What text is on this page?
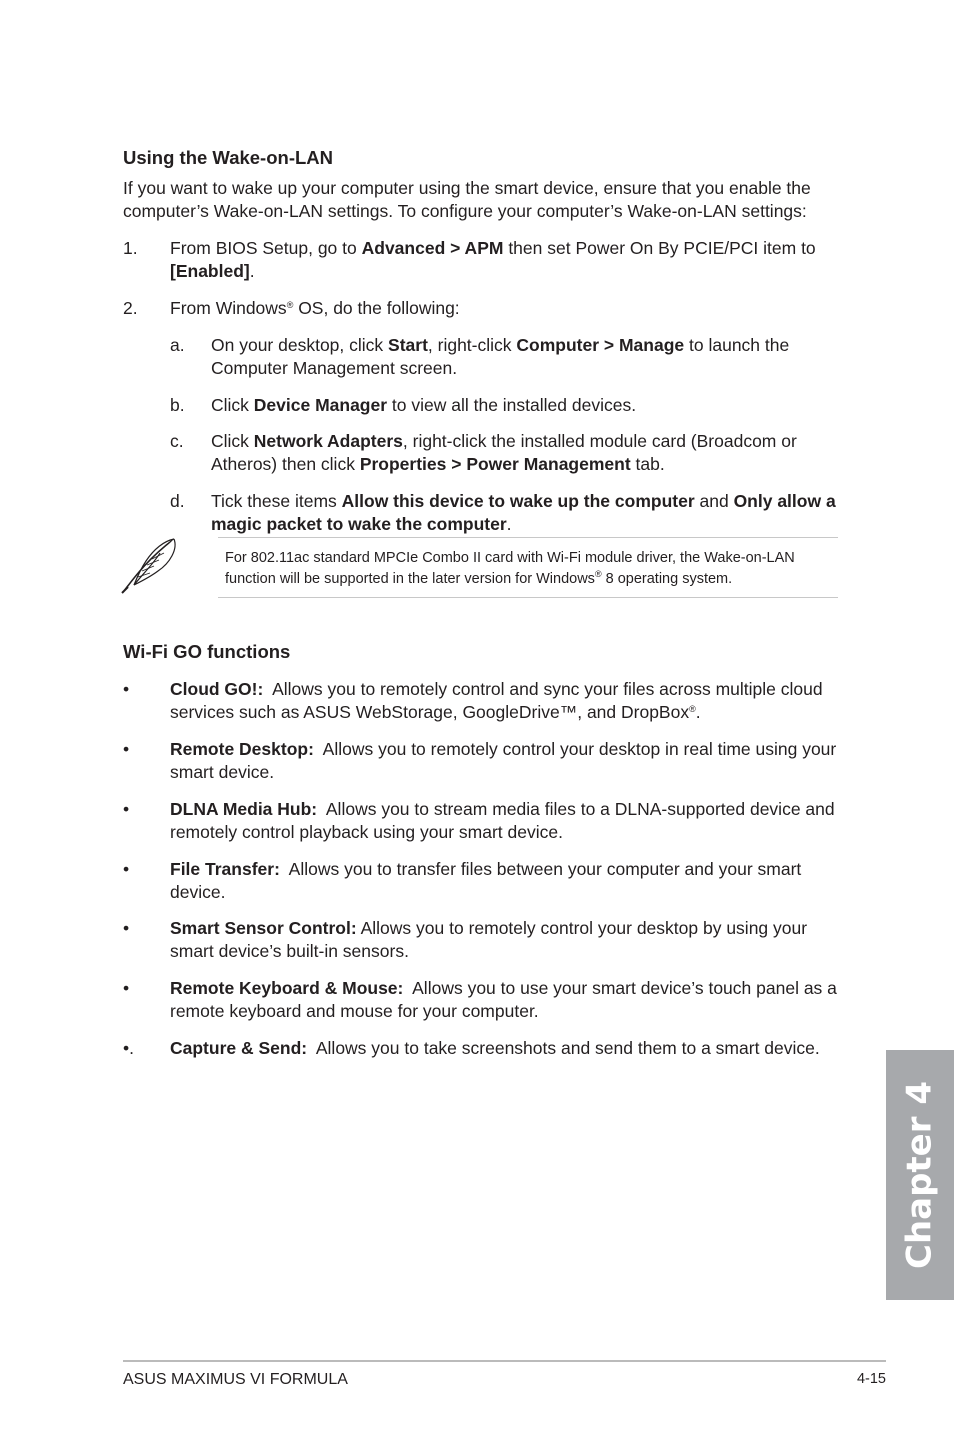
Using the Wake-on-LAN
If you want to wake up your computer using the smart device, ensure that you enable the computer’s Wake-on-LAN settings. To configure your computer’s Wake-on-LAN settings:
1. From BIOS Setup, go to Advanced > APM then set Power On By PCIE/PCI item to [Enabled].
2. From Windows® OS, do the following:
a. On your desktop, click Start, right-click Computer > Manage to launch the Computer Management screen.
b. Click Device Manager to view all the installed devices.
c. Click Network Adapters, right-click the installed module card (Broadcom or Atheros) then click Properties > Power Management tab.
d. Tick these items Allow this device to wake up the computer and Only allow a magic packet to wake the computer.
For 802.11ac standard MPCIe Combo II card with Wi-Fi module driver, the Wake-on-LAN function will be supported in the later version for Windows® 8 operating system.
Wi-Fi GO functions
• Cloud GO!:  Allows you to remotely control and sync your files across multiple cloud services such as ASUS WebStorage, GoogleDrive™, and DropBox®.
• Remote Desktop:  Allows you to remotely control your desktop in real time using your smart device.
• DLNA Media Hub:  Allows you to stream media files to a DLNA-supported device and remotely control playback using your smart device.
• File Transfer:  Allows you to transfer files between your computer and your smart device.
• Smart Sensor Control: Allows you to remotely control your desktop by using your smart device’s built-in sensors.
• Remote Keyboard & Mouse:  Allows you to use your smart device’s touch panel as a remote keyboard and mouse for your computer.
•. Capture & Send:  Allows you to take screenshots and send them to a smart device.
Chapter 4
ASUS MAXIMUS VI FORMULA	4-15
